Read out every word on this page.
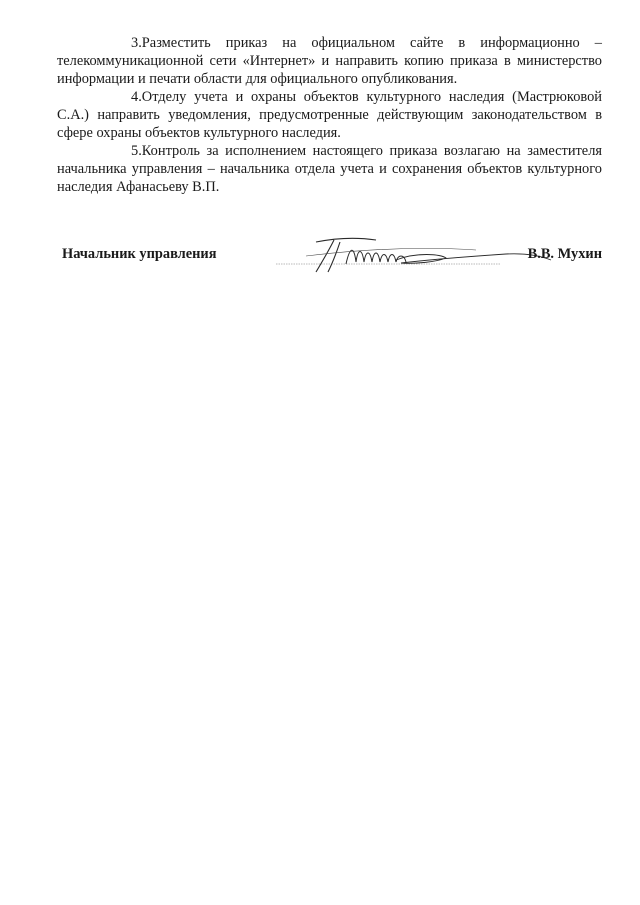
3.Разместить приказ на официальном сайте в информационно – телекоммуникационной сети «Интернет» и направить копию приказа в министерство информации и печати области для официального опубликования.

4.Отделу учета и охраны объектов культурного наследия (Мастрюковой С.А.) направить уведомления, предусмотренные действующим законодательством в сфере охраны объектов культурного наследия.

5.Контроль за исполнением настоящего приказа возлагаю на заместителя начальника управления – начальника отдела учета и сохранения объектов культурного наследия Афанасьеву В.П.

Начальник управления	В.В. Мухин
